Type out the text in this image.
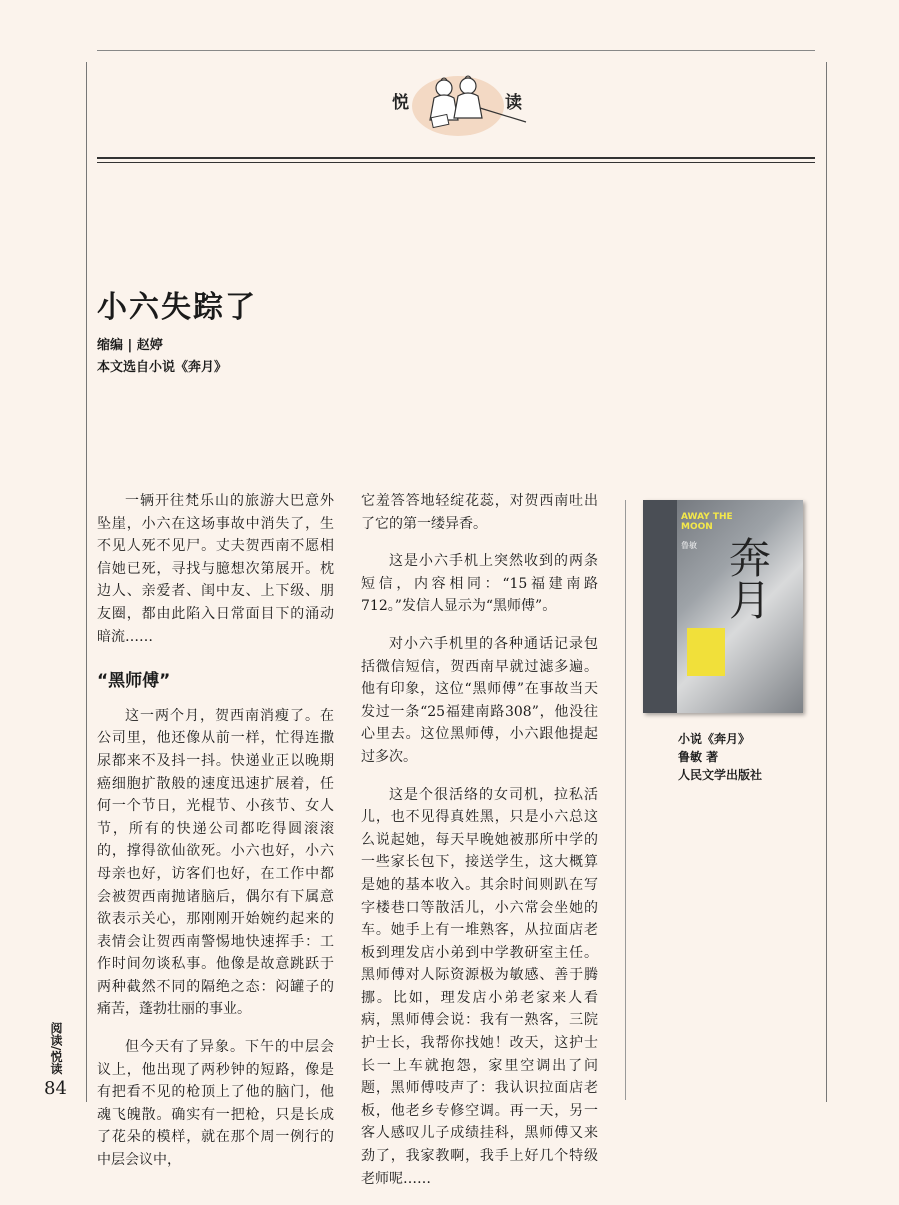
悦	读
小六失踪了
缩编 | 赵婷
本文选自小说《奔月》

一辆开往梵乐山的旅游大巴意外坠崖，小六在这场事故中消失了，生不见人死不见尸。丈夫贺西南不愿相信她已死，寻找与臆想次第展开。枕边人、亲爱者、闺中友、上下级、朋友圈，都由此陷入日常面目下的涌动暗流……

“黑师傅”

这一两个月，贺西南消瘦了。在公司里，他还像从前一样，忙得连撒尿都来不及抖一抖。快递业正以晚期癌细胞扩散般的速度迅速扩展着，任何一个节日，光棍节、小孩节、女人节，所有的快递公司都吃得圆滚滚的，撑得欲仙欲死。小六也好，小六母亲也好，访客们也好，在工作中都会被贺西南抛诸脑后，偶尔有下属意欲表示关心，那刚刚开始婉约起来的表情会让贺西南警惕地快速挥手：工作时间勿谈私事。他像是故意跳跃于两种截然不同的隔绝之态：闷罐子的痛苦，蓬勃壮丽的事业。

但今天有了异象。下午的中层会议上，他出现了两秒钟的短路，像是有把看不见的枪顶上了他的脑门，他魂飞魄散。确实有一把枪，只是长成了花朵的模样，就在那个周一例行的中层会议中，

它羞答答地轻绽花蕊，对贺西南吐出了它的第一缕异香。

这是小六手机上突然收到的两条短信，内容相同：“15福建南路712。”发信人显示为“黑师傅”。

对小六手机里的各种通话记录包括微信短信，贺西南早就过滤多遍。他有印象，这位“黑师傅”在事故当天发过一条“25福建南路308”，他没往心里去。这位黑师傅，小六跟他提起过多次。

这是个很活络的女司机，拉私活儿，也不见得真姓黑，只是小六总这么说起她，每天早晚她被那所中学的一些家长包下，接送学生，这大概算是她的基本收入。其余时间则趴在写字楼巷口等散活儿，小六常会坐她的车。她手上有一堆熟客，从拉面店老板到理发店小弟到中学教研室主任。黑师傅对人际资源极为敏感、善于腾挪。比如，理发店小弟老家来人看病，黑师傅会说：我有一熟客，三院护士长，我帮你找她！改天，这护士长一上车就抱怨，家里空调出了问题，黑师傅吱声了：我认识拉面店老板，他老乡专修空调。再一天，另一客人感叹儿子成绩挂科，黑师傅又来劲了，我家教啊，我手上好几个特级老师呢……

AWAY THE MOON
鲁敏 奔月
小说《奔月》
鲁敏 著
人民文学出版社
阅读/悦读
84
